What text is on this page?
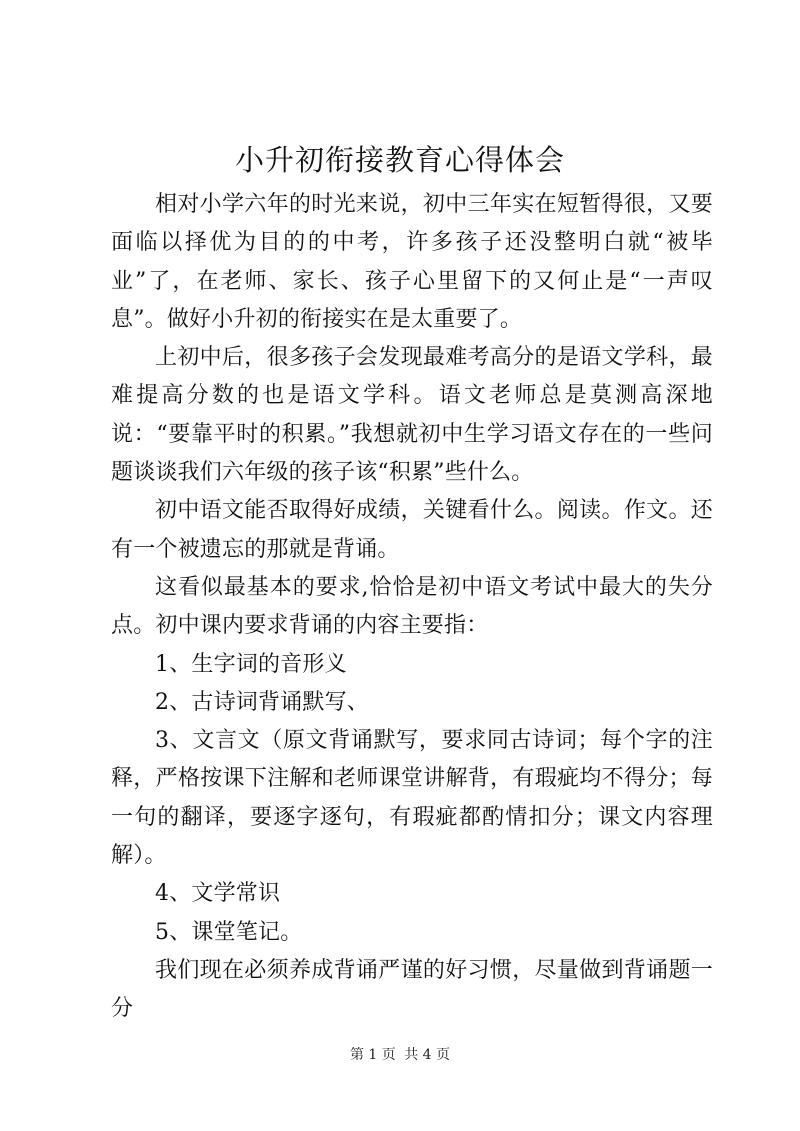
小升初衔接教育心得体会

相对小学六年的时光来说，初中三年实在短暂得很，又要面临以择优为目的的中考，许多孩子还没整明白就“被毕业”了，在老师、家长、孩子心里留下的又何止是“一声叹息”。做好小升初的衔接实在是太重要了。

上初中后，很多孩子会发现最难考高分的是语文学科，最难提高分数的也是语文学科。语文老师总是莫测高深地说：“要靠平时的积累。”我想就初中生学习语文存在的一些问题谈谈我们六年级的孩子该“积累”些什么。

初中语文能否取得好成绩，关键看什么。阅读。作文。还有一个被遗忘的那就是背诵。

这看似最基本的要求,恰恰是初中语文考试中最大的失分点。初中课内要求背诵的内容主要指：

1、生字词的音形义

2、古诗词背诵默写、

3、文言文（原文背诵默写，要求同古诗词；每个字的注释，严格按课下注解和老师课堂讲解背，有瑕疵均不得分；每一句的翻译，要逐字逐句，有瑕疵都酌情扣分；课文内容理解）。

4、文学常识

5、课堂笔记。

我们现在必须养成背诵严谨的好习惯，尽量做到背诵题一分

第 1 页 共 4 页
